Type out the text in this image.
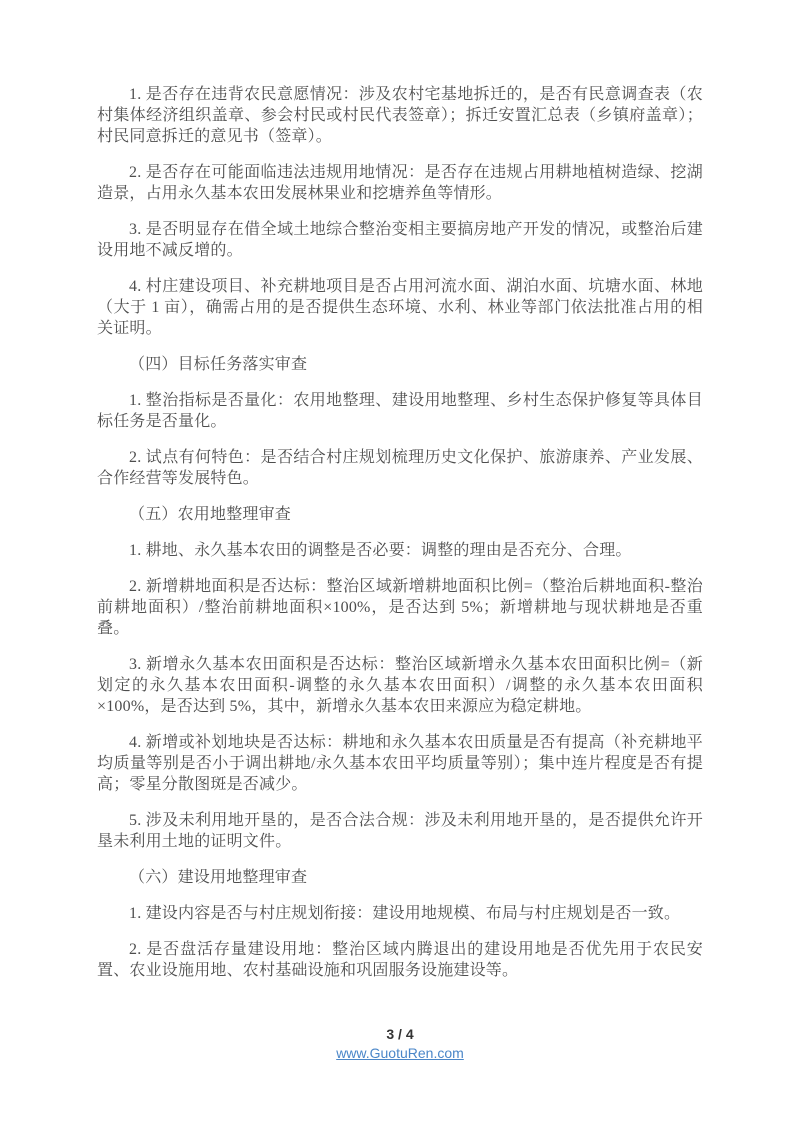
1. 是否存在违背农民意愿情况：涉及农村宅基地拆迁的，是否有民意调查表（农村集体经济组织盖章、参会村民或村民代表签章）；拆迁安置汇总表（乡镇府盖章）；村民同意拆迁的意见书（签章）。

2. 是否存在可能面临违法违规用地情况：是否存在违规占用耕地植树造绿、挖湖造景，占用永久基本农田发展林果业和挖塘养鱼等情形。

3. 是否明显存在借全域土地综合整治变相主要搞房地产开发的情况，或整治后建设用地不减反增的。

4. 村庄建设项目、补充耕地项目是否占用河流水面、湖泊水面、坑塘水面、林地（大于 1 亩），确需占用的是否提供生态环境、水利、林业等部门依法批准占用的相关证明。

（四）目标任务落实审查

1. 整治指标是否量化：农用地整理、建设用地整理、乡村生态保护修复等具体目标任务是否量化。

2. 试点有何特色：是否结合村庄规划梳理历史文化保护、旅游康养、产业发展、合作经营等发展特色。

（五）农用地整理审查

1. 耕地、永久基本农田的调整是否必要：调整的理由是否充分、合理。

2. 新增耕地面积是否达标：整治区域新增耕地面积比例=（整治后耕地面积-整治前耕地面积）/整治前耕地面积×100%，是否达到 5%；新增耕地与现状耕地是否重叠。

3. 新增永久基本农田面积是否达标：整治区域新增永久基本农田面积比例=（新划定的永久基本农田面积-调整的永久基本农田面积）/调整的永久基本农田面积×100%，是否达到 5%，其中，新增永久基本农田来源应为稳定耕地。

4. 新增或补划地块是否达标：耕地和永久基本农田质量是否有提高（补充耕地平均质量等别是否小于调出耕地/永久基本农田平均质量等别）；集中连片程度是否有提高；零星分散图斑是否减少。

5. 涉及未利用地开垦的，是否合法合规：涉及未利用地开垦的，是否提供允许开垦未利用土地的证明文件。

（六）建设用地整理审查

1. 建设内容是否与村庄规划衔接：建设用地规模、布局与村庄规划是否一致。

2. 是否盘活存量建设用地：整治区域内腾退出的建设用地是否优先用于农民安置、农业设施用地、农村基础设施和巩固服务设施建设等。

3 / 4
www.GuotuRen.com
